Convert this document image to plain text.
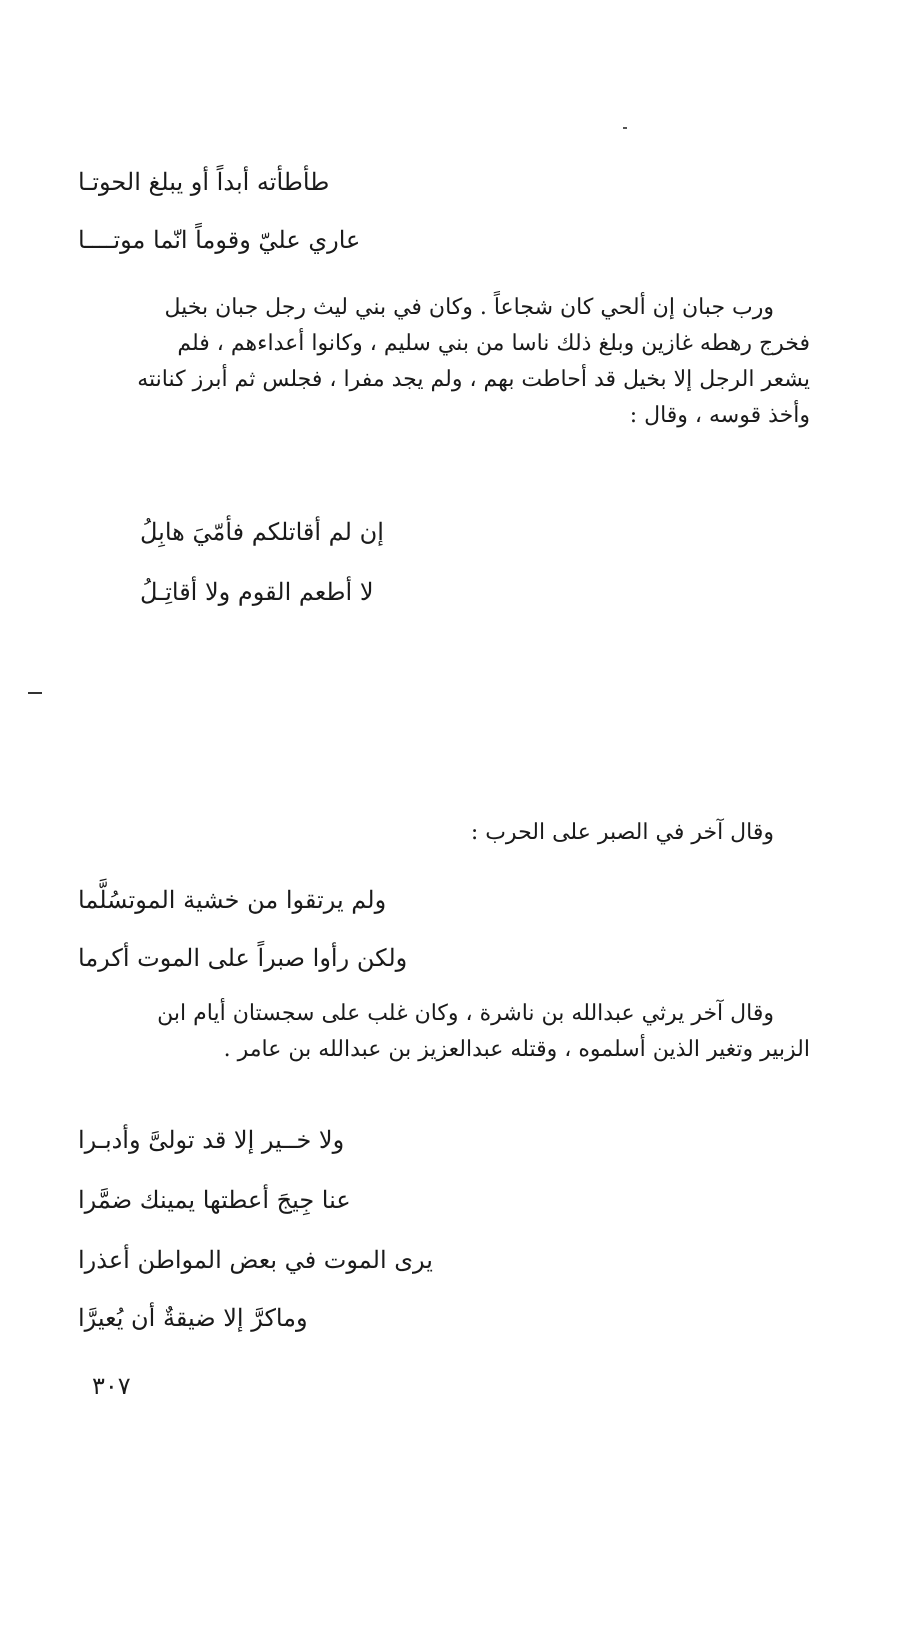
طأطأته أبداً أو يبلغ الحوتـا
عاري عليّ وقوماً انّما موتــــا

ورب جبان إن ألحي كان شجاعاً . وكان في بني ليث رجل جبان بخيل

فخرج رهطه غازين وبلغ ذلك ناسا من بني سليم ، وكانوا أعداءهم ، فلم

يشعر الرجل إلا بخيل قد أحاطت بهم ، ولم يجد مفرا ، فجلس ثم أبرز كنانته

وأخذ قوسه ، وقال :

إن لم أقاتلكم فأمّيَ هابِلُ
لا أطعم القوم ولا أقاتِـلُ
وقال آخر في الصبر على الحرب :
ولم يرتقوا من خشية الموتسُلَّما
ولكن رأوا صبراً على الموت أكرما

وقال آخر يرثي عبدالله بن ناشرة ، وكان غلب على سجستان أيام ابن

الزبير وتغير الذين أسلموه ، وقتله عبدالعزيز بن عبدالله بن عامر .

ولا خــير إلا قد تولىَّ وأدبـرا
عنا جِيجَ أعطتها يمينك ضمَّرا
يرى الموت في بعض المواطن أعذرا
وماكرَّ إلا ضيقةٌ أن يُعيرَّا
٣٠٧
